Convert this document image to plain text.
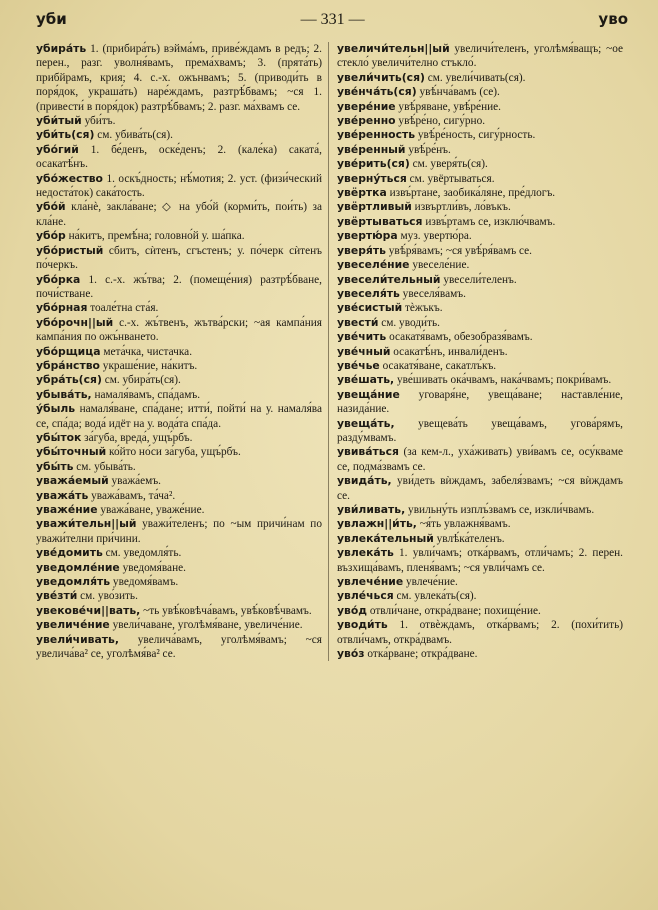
уби	— 331 —	уво

убира́ть 1. (прибира́ть) вэйма́мъ, приве́ждамъ в редъ; 2. перен., разг. уволня́вамъ, према́хвамъ; 3. (прята́ть) прибйрамъ, крия; 4. с.-х. ожънвамъ; 5. (приводи́ть в поря́док, украша́ть) наре́ждамъ, разтрѣ́бвамъ; ~ся 1. (привести́ в поря́док) разтрѣ́бвамъ; 2. разг. ма́хвамъ се.

уби́тый уби́тъ.

уби́ть(ся) см. убива́ть(ся).

убо́гий 1. бе́денъ, оске́денъ; 2. (кале́ка) саката́, осакатѣ́нъ.

убо́жество 1. оскъ́дность; нѣ́мотия; 2. уст. (физи́ческий недоста́ток) сака́тость.

убо́й кла́нѐ, закла́ване; ◇ на убо́й (корми́ть, пои́ть) за кла́не.

убо́р на́китъ, премѣ́на; головно́й у. ша́пка.

убо́ристый сбитъ, сѝтенъ, сгъстенъ; у. по́черк сѝтенъ по́черкъ.

убо́рка 1. с.-х. жъ́тва; 2. (помеще́ния) разтрѣ́бване, почи́стване.

убо́рная тоале́тна ста́я.

убо́рочн||ый с.-х. жъ́твенъ, жътва́рски; ~ая кампа́ния кампа́ния по ожъ́нването.

убо́рщица мета́чка, чистачка.

убра́нство украше́ние, на́китъ.

убра́ть(ся) см. убира́ть(ся).

убыва́ть, намаля́вамъ, спа́дамъ.

у́быль намаля́ване, спа́дане; итти́, пойти́ на у. намаля́ва се, спа́да; вода́ идёт на у. вода́та спа́да.

убы́ток за́губа, вреда́, ущъ́рбъ.

убы́точный ко́йто но́си за́губа, ущъ́рбъ.

убы́ть см. убыва́ть.

уважа́емый уважа́емъ.

уважа́ть уважа́вамъ, та́ча².

уваже́ние уважа́ване, уваже́ние.

уважи́тельн||ый уважи́теленъ; по ~ым причи́нам по уважи́телни при́чини.

уве́домить см. уведомля́ть.

уведомле́ние уведомя́ване.

уведомля́ть уведомя́вамъ.

уве́зти́ см. уво́зить.

увекове́чи||вать, ~ть увѣ́ковѣча́вамъ, увѣ́ковѣ́чвамъ.

увеличе́ние увели́чаване, уголѣмя́ване, увеличе́ние.

увели́чивать, увелича́вамъ, уголѣмя́вамъ; ~ся увелича́ва² се, уголѣмя́ва² се.

увеличи́тельн||ый увеличи́теленъ, уголѣмя́ващъ; ~ое стекло́ увеличи́телно стъкло́.

увели́чить(ся) см. увели́чивать(ся).

уве́нча́ть(ся) увѣ́нча́вамъ (се).

увере́ние увѣ́ряване, увѣ́ре́ние.

уве́ренно увѣ́ре́но, сигу́рно.

уве́ренность увѣ́ре́ность, сигу́рность.

уве́ренный увѣ́ре́нъ.

уве́рить(ся) см. уверя́ть(ся).

уверну́ться см. увёртываться.

увёртка извъ́ртане, заобика́ляне, пре́длогъ.

увёртливый извъртли́въ, ло́въкъ.

увёртываться извъ́ртамъ се, изклю́чвамъ.

увертю́ра муз. увертю́ра.

уверя́ть увѣ́ря́вамъ; ~ся увѣ́ря́вамъ се.

увеселе́ние увеселе́ние.

увесели́тельный увесели́теленъ.

увеселя́ть увеселя́вамъ.

уве́систый тѐжъкъ.

увести́ см. уводи́ть.

уве́чить осакатя́вамъ, обезобразя́вамъ.

уве́чный осакатѣ́нъ, инвали́денъ.

уве́чье осакатя́ване, сакатлъ́къ.

уве́шать, уве́шивать ока́чвамъ, нака́чвамъ; покри́вамъ.

увеща́ние уговаря́не, увеща́ване; наставле́ние, назида́ние.

увеща́ть, увещева́ть увеща́вамъ, угова́рямъ, разду́мвамъ.

увива́ться (за кем-л., уха́живать) уви́вамъ се, осу́кваме се, подма́звамъ се.

увида́ть, уви́деть вѝждамъ, забеля́звамъ; ~ся вѝждамъ се.

уви́ливать, увильну́ть изплъ́звамъ се, изкли́чвамъ.

увлажн||и́ть, ~я́ть увлажня́вамъ.

увлека́тельный увлѣ́ка́теленъ.

увлека́ть 1. увли́чамъ; отка́рвамъ, отли́чамъ; 2. перен. възхища́вамъ, пленя́вамъ; ~ся увли́чамъ се.

увлече́ние увлече́ние.

увле́чься см. увлека́ть(ся).

уво́д отвли́чане, откра́дване; похище́ние.

уводи́ть 1. отвѐждамъ, отка́рвамъ; 2. (похи́тить) отвли́чамъ, откра́двамъ.

уво́з отка́рване; откра́дване.
